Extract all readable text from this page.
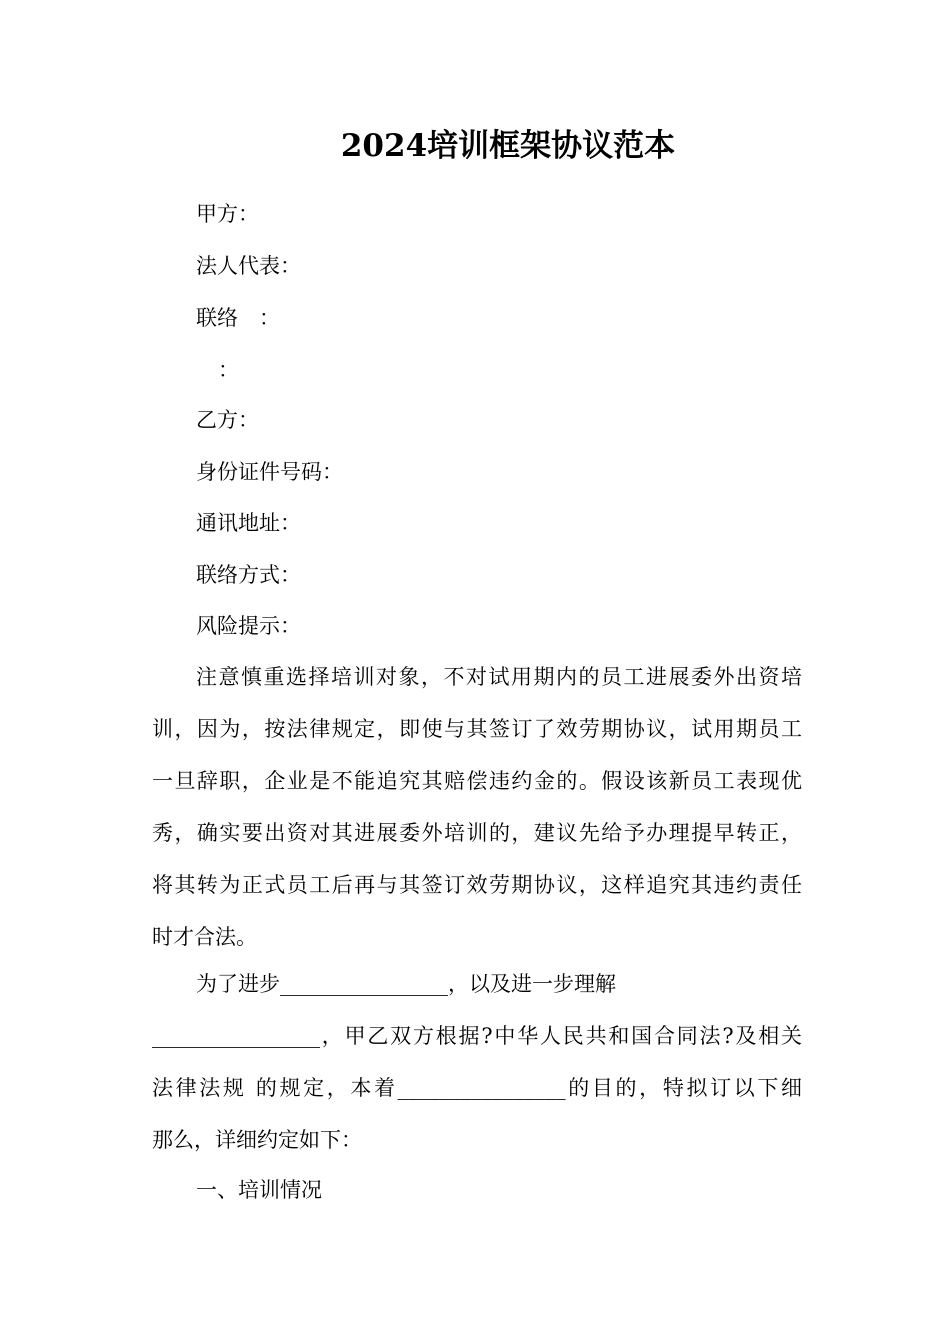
2024培训框架协议范本
甲方：
法人代表：
联络　：
：
乙方：
身份证件号码：
通讯地址：
联络方式：
风险提示：
注意慎重选择培训对象，不对试用期内的员工进展委外出资培
训，因为，按法律规定，即使与其签订了效劳期协议，试用期员工
一旦辞职，企业是不能追究其赔偿违约金的。假设该新员工表现优
秀，确实要出资对其进展委外培训的，建议先给予办理提早转正，
将其转为正式员工后再与其签订效劳期协议，这样追究其违约责任
时才合法。
为了进步________________，以及进一步理解
________________，甲乙双方根据?中华人民共和国合同法?及相关
法律法规 的规定，本着________________的目的，特拟订以下细
那么，详细约定如下：
一、培训情况
